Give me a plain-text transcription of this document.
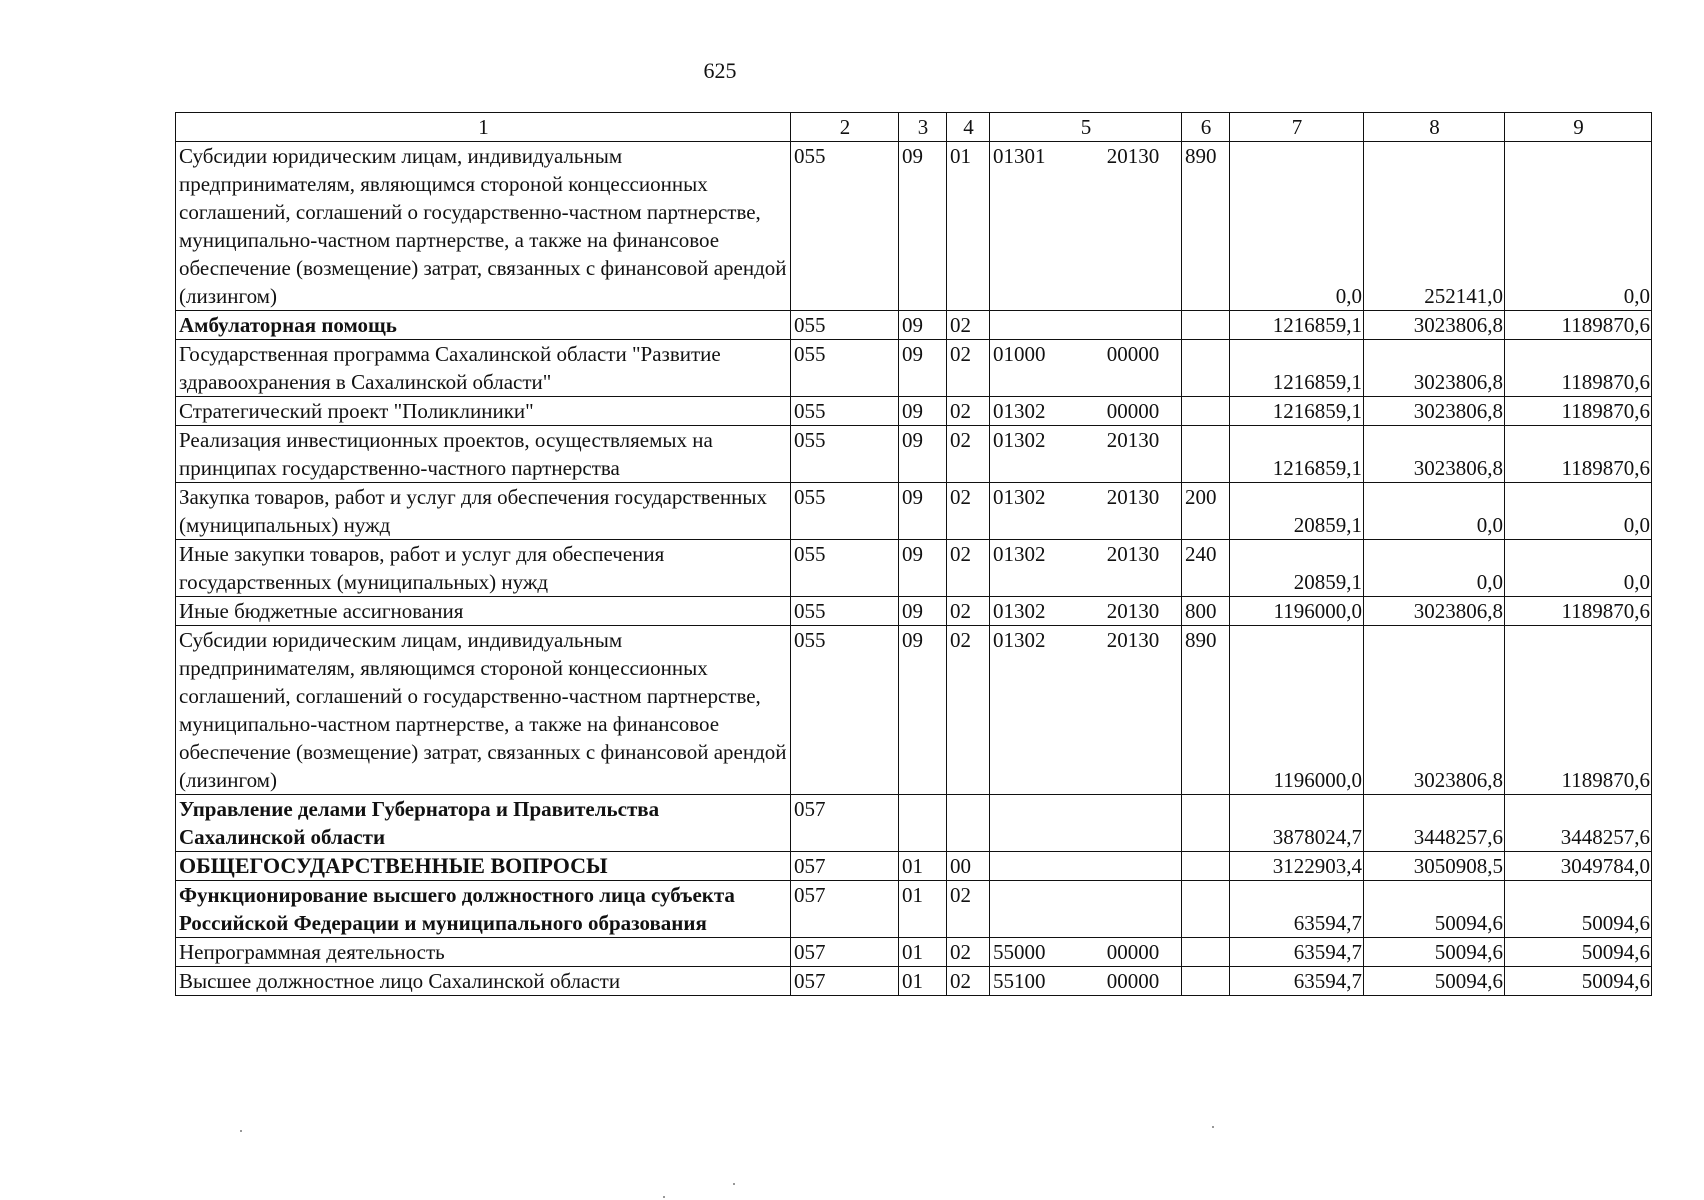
625
1	2	3	4	5	6	7	8	9
Субсидии юридическим лицам, индивидуальным предпринимателям, являющимся стороной концессионных соглашений, соглашений о государственно-частном партнерстве, муниципально-частном партнерстве, а также на финансовое обеспечение (возмещение) затрат, связанных с финансовой арендой (лизингом)	055	09	01	01301 20130	890	0,0	252141,0	0,0
Амбулаторная помощь	055	09	02			1216859,1	3023806,8	1189870,6
Государственная программа Сахалинской области "Развитие здравоохранения в Сахалинской области"	055	09	02	01000 00000		1216859,1	3023806,8	1189870,6
Стратегический проект "Поликлиники"	055	09	02	01302 00000		1216859,1	3023806,8	1189870,6
Реализация инвестиционных проектов, осуществляемых на принципах государственно-частного партнерства	055	09	02	01302 20130		1216859,1	3023806,8	1189870,6
Закупка товаров, работ и услуг для обеспечения государственных (муниципальных) нужд	055	09	02	01302 20130	200	20859,1	0,0	0,0
Иные закупки товаров, работ и услуг для обеспечения государственных (муниципальных) нужд	055	09	02	01302 20130	240	20859,1	0,0	0,0
Иные бюджетные ассигнования	055	09	02	01302 20130	800	1196000,0	3023806,8	1189870,6
Субсидии юридическим лицам, индивидуальным предпринимателям, являющимся стороной концессионных соглашений, соглашений о государственно-частном партнерстве, муниципально-частном партнерстве, а также на финансовое обеспечение (возмещение) затрат, связанных с финансовой арендой (лизингом)	055	09	02	01302 20130	890	1196000,0	3023806,8	1189870,6
Управление делами Губернатора и Правительства Сахалинской области	057					3878024,7	3448257,6	3448257,6
ОБЩЕГОСУДАРСТВЕННЫЕ ВОПРОСЫ	057	01	00			3122903,4	3050908,5	3049784,0
Функционирование высшего должностного лица субъекта Российской Федерации и муниципального образования	057	01	02			63594,7	50094,6	50094,6
Непрограммная деятельность	057	01	02	55000 00000		63594,7	50094,6	50094,6
Высшее должностное лицо Сахалинской области	057	01	02	55100 00000		63594,7	50094,6	50094,6
